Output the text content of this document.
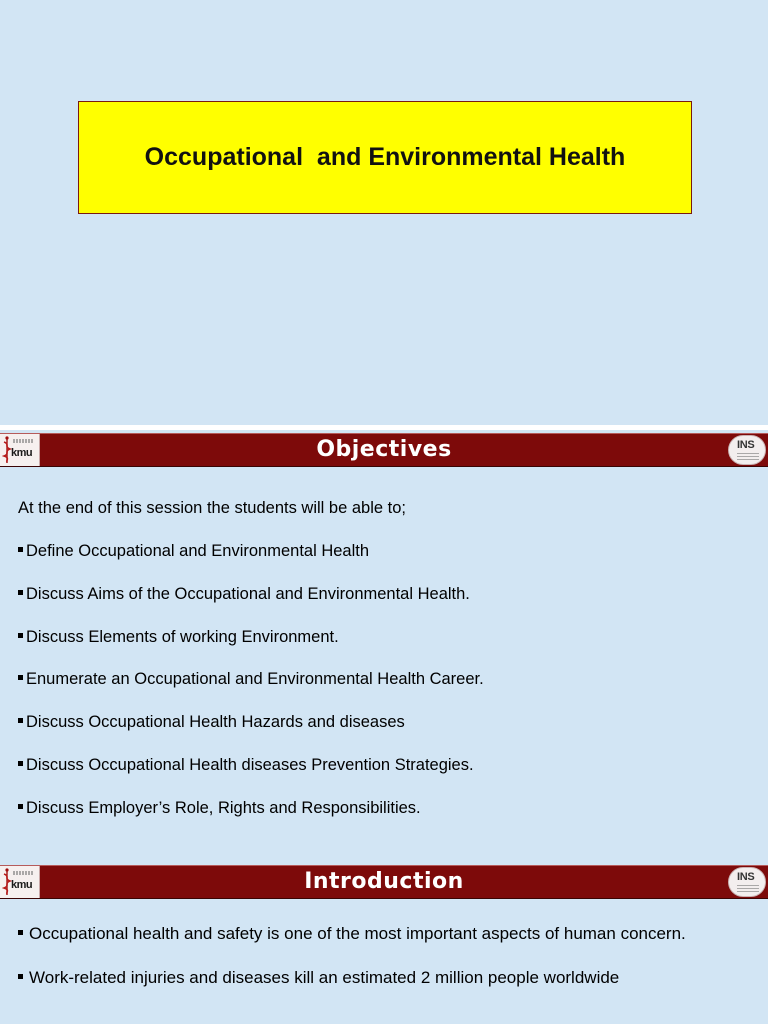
Occupational  and Environmental Health
kmu	Objectives	INS
At the end of this session the students will be able to;
Define Occupational and Environmental Health
Discuss Aims of the Occupational and Environmental Health.
Discuss Elements of working Environment.
Enumerate an Occupational and Environmental Health Career.
Discuss Occupational Health Hazards and diseases
Discuss Occupational Health diseases Prevention Strategies.
Discuss Employer’s Role, Rights and Responsibilities.
kmu	Introduction	INS

Occupational health and safety is one of the most important aspects of human concern.

Work-related injuries and diseases kill an estimated 2 million people worldwide
